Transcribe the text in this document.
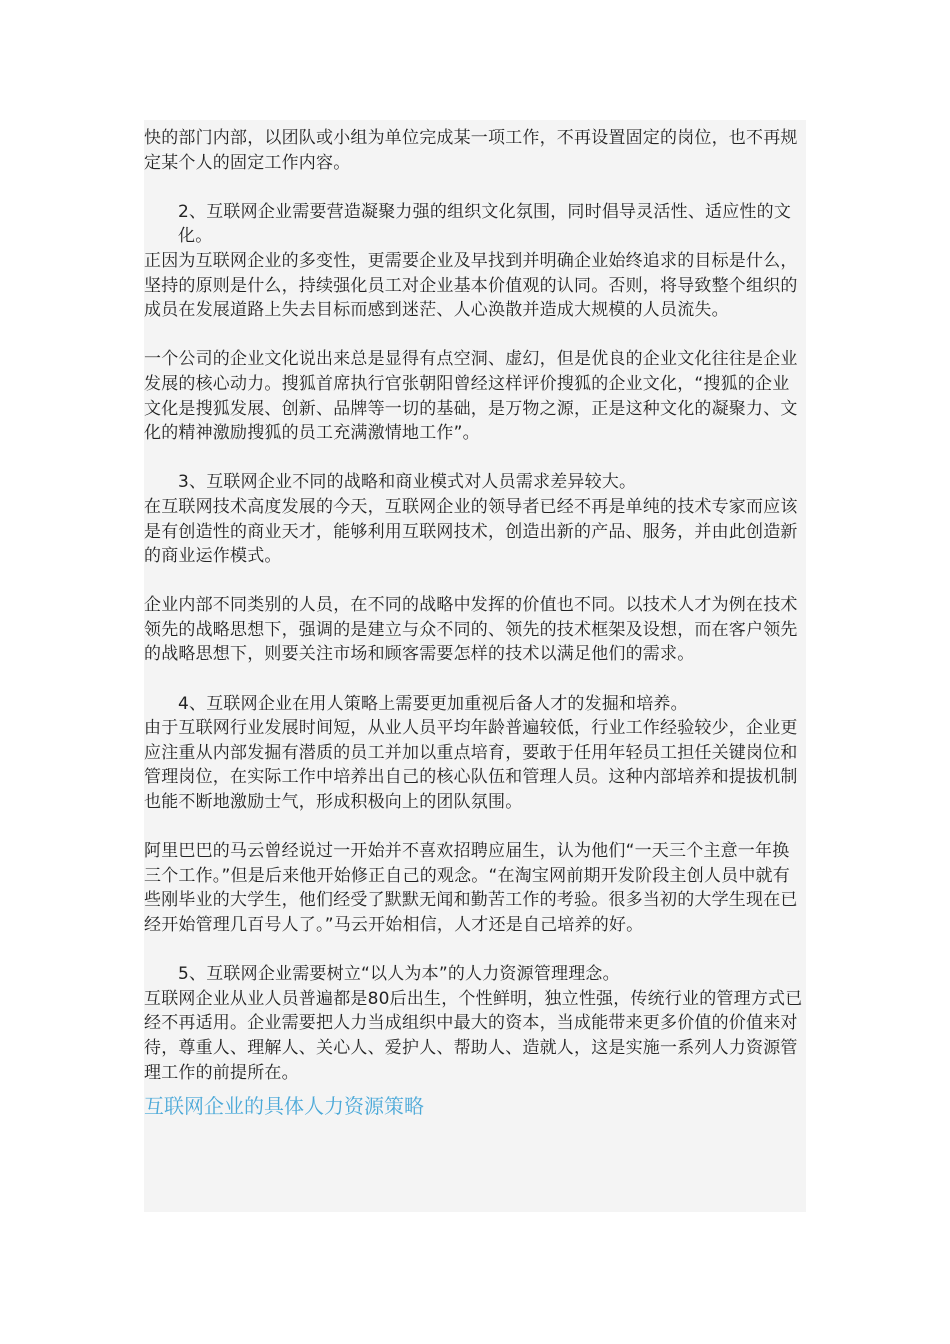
快的部门内部，以团队或小组为单位完成某一项工作，不再设置固定的岗位，也不再规定某个人的固定工作内容。

2、互联网企业需要营造凝聚力强的组织文化氛围，同时倡导灵活性、适应性的文化。

正因为互联网企业的多变性，更需要企业及早找到并明确企业始终追求的目标是什么，坚持的原则是什么，持续强化员工对企业基本价值观的认同。否则，将导致整个组织的成员在发展道路上失去目标而感到迷茫、人心涣散并造成大规模的人员流失。

一个公司的企业文化说出来总是显得有点空洞、虚幻，但是优良的企业文化往往是企业发展的核心动力。搜狐首席执行官张朝阳曾经这样评价搜狐的企业文化，“搜狐的企业文化是搜狐发展、创新、品牌等一切的基础，是万物之源，正是这种文化的凝聚力、文化的精神激励搜狐的员工充满激情地工作”。

3、互联网企业不同的战略和商业模式对人员需求差异较大。

在互联网技术高度发展的今天，互联网企业的领导者已经不再是单纯的技术专家而应该是有创造性的商业天才，能够利用互联网技术，创造出新的产品、服务，并由此创造新的商业运作模式。

企业内部不同类别的人员，在不同的战略中发挥的价值也不同。以技术人才为例在技术领先的战略思想下，强调的是建立与众不同的、领先的技术框架及设想，而在客户领先的战略思想下，则要关注市场和顾客需要怎样的技术以满足他们的需求。

4、互联网企业在用人策略上需要更加重视后备人才的发掘和培养。

由于互联网行业发展时间短，从业人员平均年龄普遍较低，行业工作经验较少，企业更应注重从内部发掘有潜质的员工并加以重点培育，要敢于任用年轻员工担任关键岗位和管理岗位，在实际工作中培养出自己的核心队伍和管理人员。这种内部培养和提拔机制也能不断地激励士气，形成积极向上的团队氛围。

阿里巴巴的马云曾经说过一开始并不喜欢招聘应届生，认为他们“一天三个主意一年换三个工作。”但是后来他开始修正自己的观念。“在淘宝网前期开发阶段主创人员中就有些刚毕业的大学生，他们经受了默默无闻和勤苦工作的考验。很多当初的大学生现在已经开始管理几百号人了。”马云开始相信，人才还是自己培养的好。

5、互联网企业需要树立“以人为本”的人力资源管理理念。

互联网企业从业人员普遍都是80后出生，个性鲜明，独立性强，传统行业的管理方式已经不再适用。企业需要把人力当成组织中最大的资本，当成能带来更多价值的价值来对待，尊重人、理解人、关心人、爱护人、帮助人、造就人，这是实施一系列人力资源管理工作的前提所在。

互联网企业的具体人力资源策略
